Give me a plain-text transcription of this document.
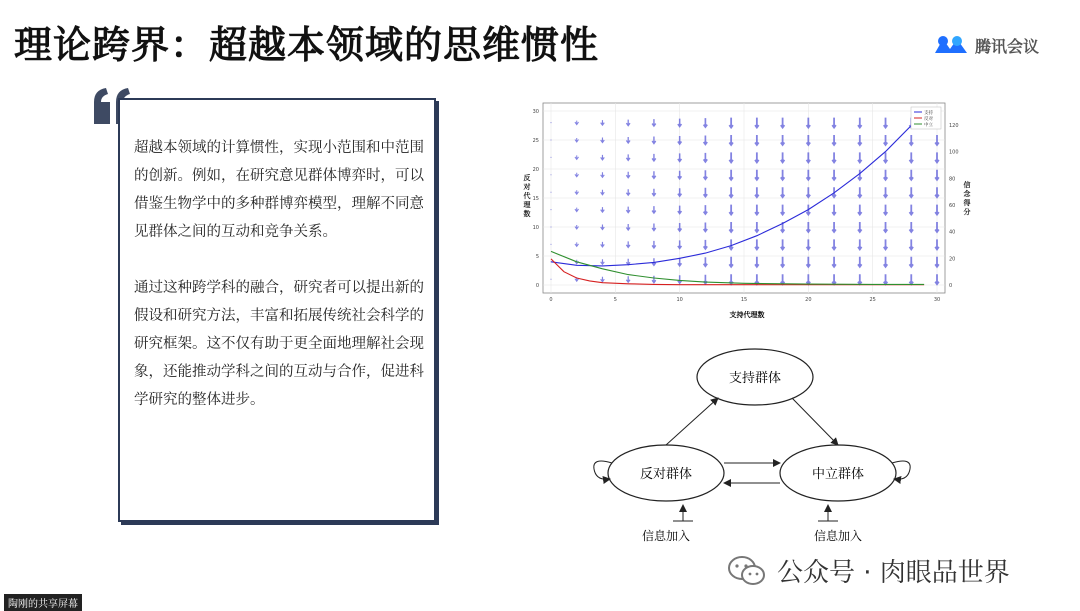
理论跨界：超越本领域的思维惯性	腾讯会议

超越本领域的计算惯性，实现小范围和中范围的创新。例如，在研究意见群体博弈时，可以借鉴生物学中的多种群博弈模型，理解不同意见群体之间的互动和竞争关系。

通过这种跨学科的融合，研究者可以提出新的假设和研究方法，丰富和拓展传统社会科学的研究框架。这不仅有助于更全面地理解社会现象，还能推动学科之间的互动与合作，促进科学研究的整体进步。

0	5	10	15	20	25	30
0
5
10
15
20
25
30
0
20
40
60
80
100
120
支持代理数
反
对
代
理
数
信
念
得
分
支持
反对
中立
支持群体
反对群体	中立群体
信息加入	信息加入
公众号 · 肉眼品世界
陶刚的共享屏幕
